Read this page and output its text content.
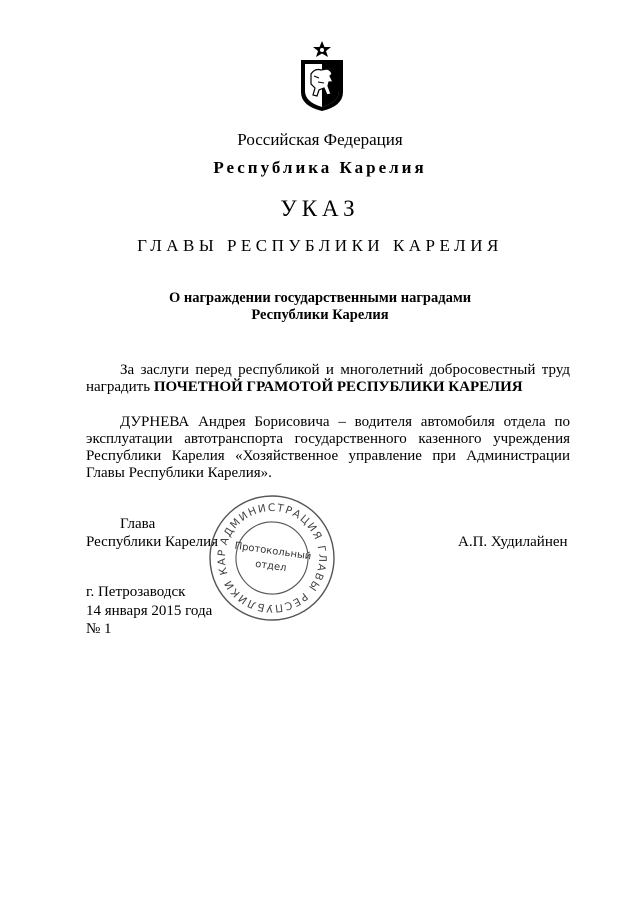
Российская Федерация
Республика Карелия
УКАЗ
ГЛАВЫ РЕСПУБЛИКИ КАРЕЛИЯ
О награждении государственными наградами
Республики Карелия
За заслуги перед республикой и многолетний добросовестный труд наградить ПОЧЕТНОЙ ГРАМОТОЙ РЕСПУБЛИКИ КАРЕЛИЯ
ДУРНЕВА Андрея Борисовича – водителя автомобиля отдела по эксплуатации автотранспорта государственного казенного учреждения Республики Карелия «Хозяйственное управление при Администрации Главы Республики Карелия».
Глава
Республики Карелия	А.П. Худилайнен
АДМИНИСТРАЦИЯ ГЛАВЫ РЕСПУБЛИКИ КАРЕЛИЯ
Протокольный
отдел
г. Петрозаводск
14 января 2015 года
№ 1
